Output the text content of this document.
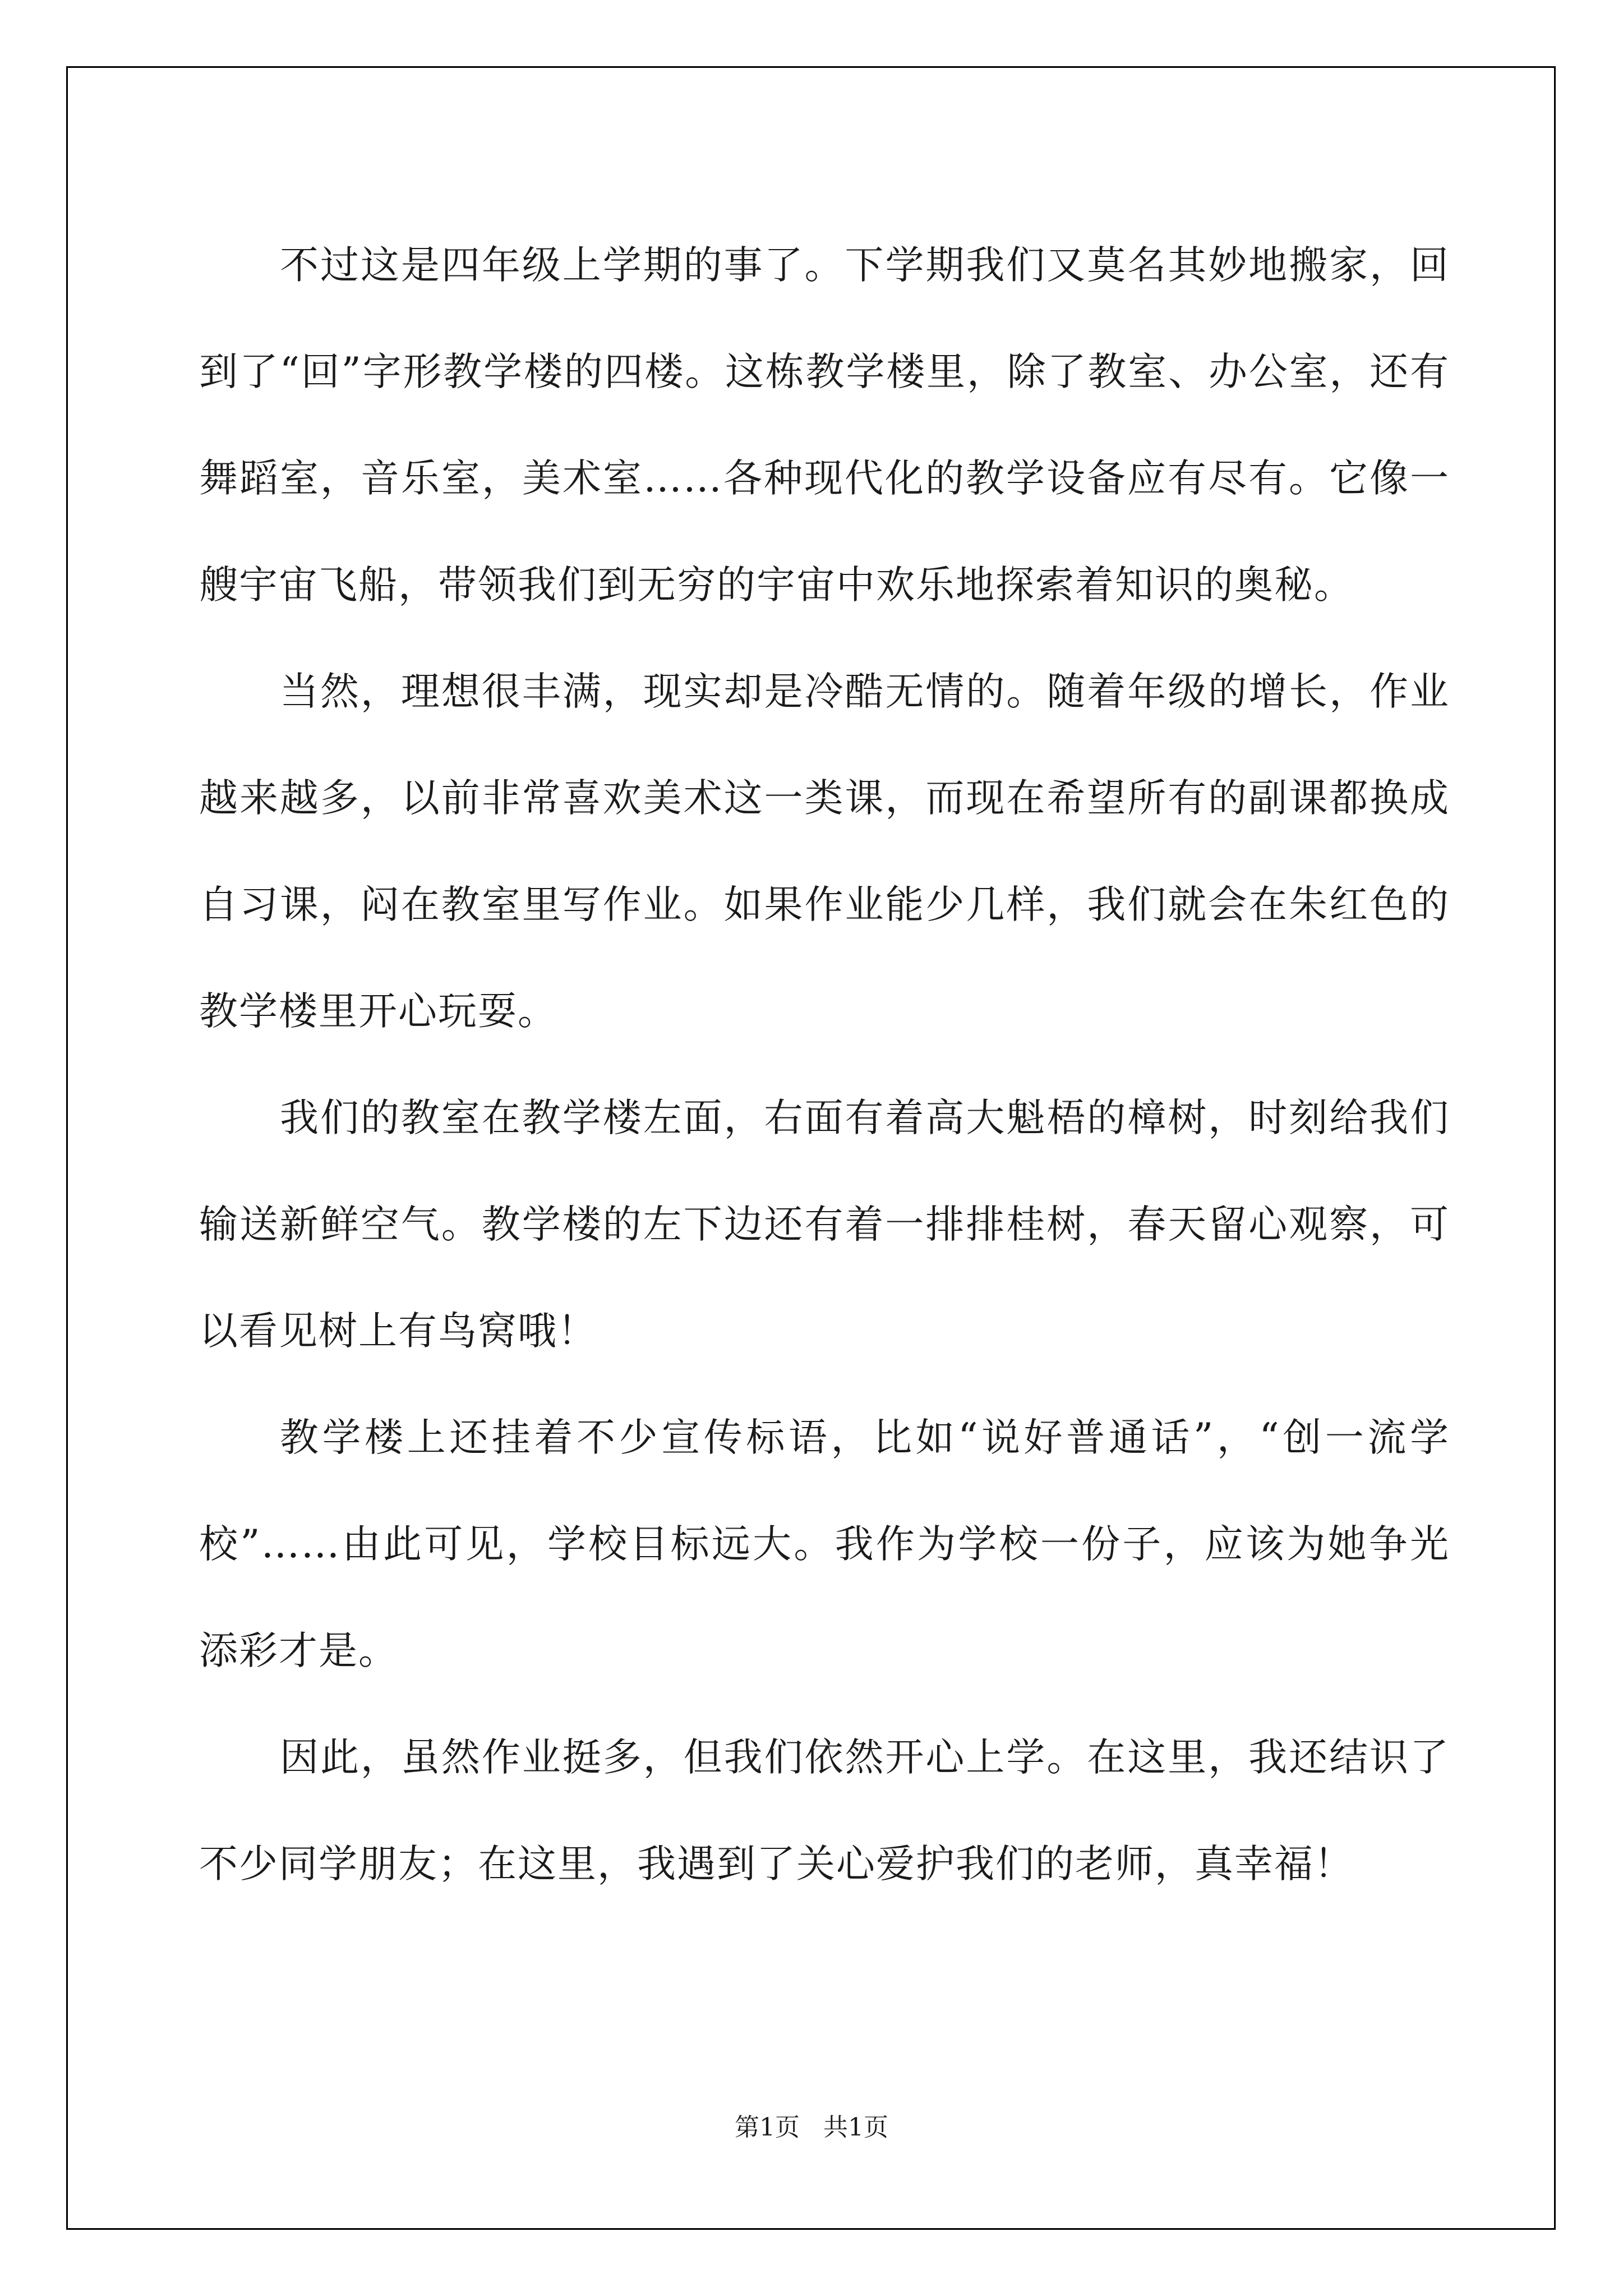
不过这是四年级上学期的事了。下学期我们又莫名其妙地搬家，回到了“回”字形教学楼的四楼。这栋教学楼里，除了教室、办公室，还有舞蹈室，音乐室，美术室……各种现代化的教学设备应有尽有。它像一艘宇宙飞船，带领我们到无穷的宇宙中欢乐地探索着知识的奥秘。

当然，理想很丰满，现实却是冷酷无情的。随着年级的增长，作业越来越多，以前非常喜欢美术这一类课，而现在希望所有的副课都换成自习课，闷在教室里写作业。如果作业能少几样，我们就会在朱红色的教学楼里开心玩耍。

我们的教室在教学楼左面，右面有着高大魁梧的樟树，时刻给我们输送新鲜空气。教学楼的左下边还有着一排排桂树，春天留心观察，可以看见树上有鸟窝哦！

教学楼上还挂着不少宣传标语，比如“说好普通话”，“创一流学校”……由此可见，学校目标远大。我作为学校一份子，应该为她争光添彩才是。

因此，虽然作业挺多，但我们依然开心上学。在这里，我还结识了不少同学朋友；在这里，我遇到了关心爱护我们的老师，真幸福！

第1页   共1页
